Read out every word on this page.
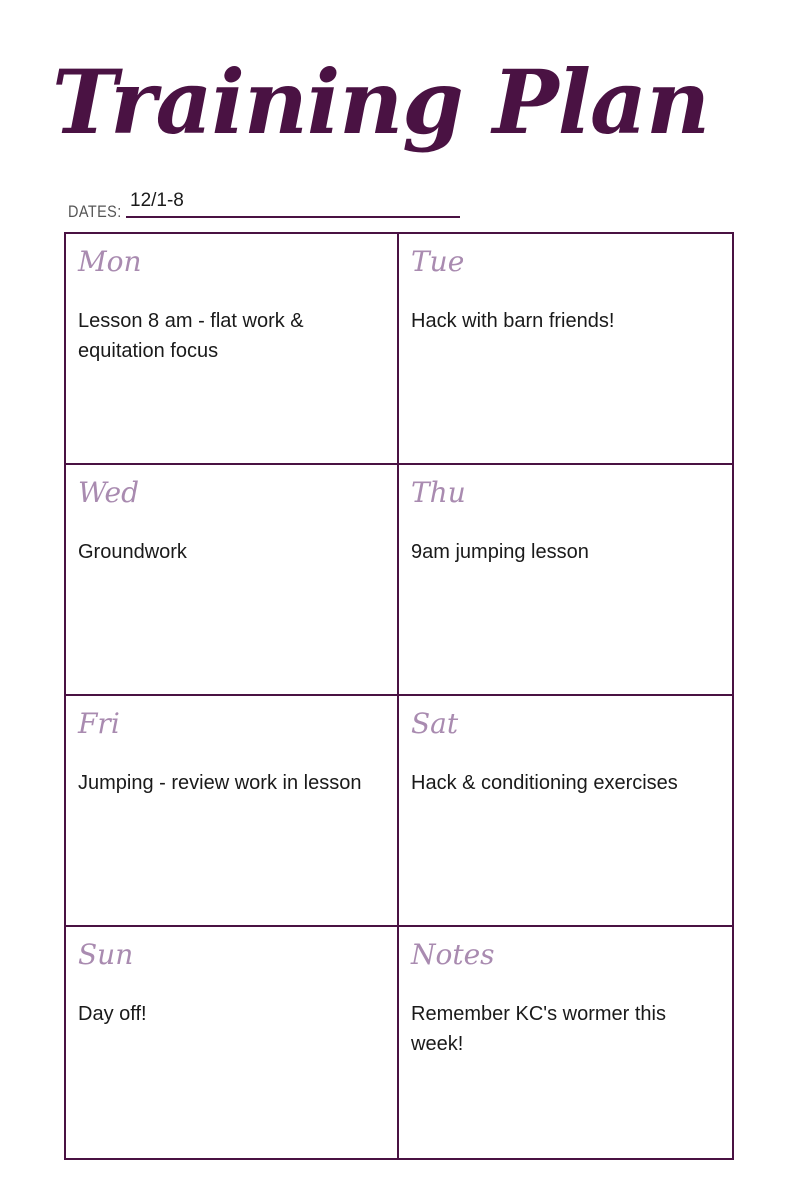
Training Plan
DATES:
12/1-8
Mon
Lesson 8 am - flat work & equitation focus
Tue
Hack with barn friends!
Wed
Groundwork
Thu
9am jumping lesson
Fri
Jumping - review work in lesson
Sat
Hack & conditioning exercises
Sun
Day off!
Notes
Remember KC's wormer this week!
